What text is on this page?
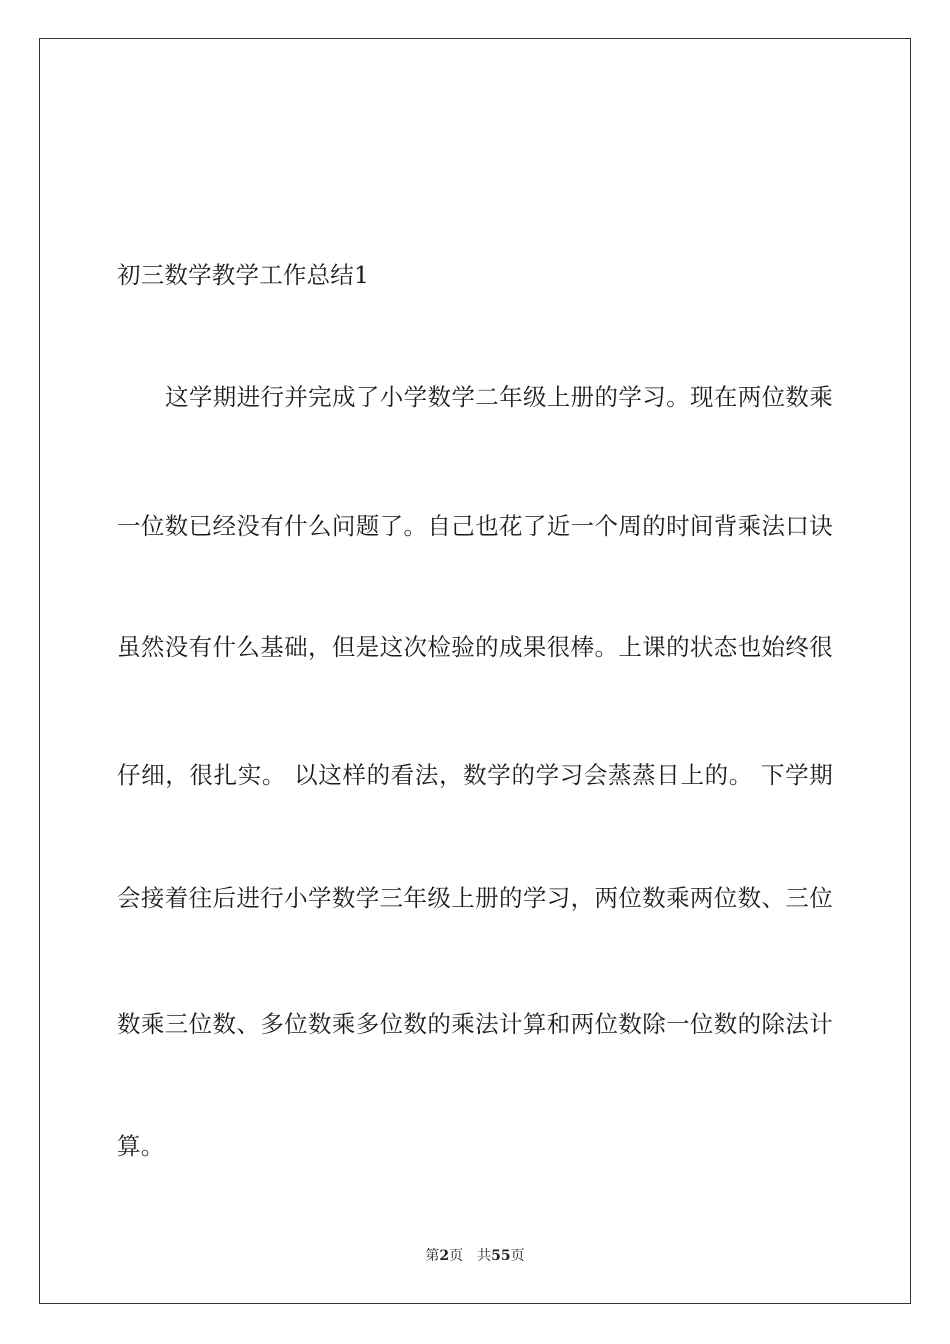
初三数学教学工作总结1
这学期进行并完成了小学数学二年级上册的学习。现在两位数乘
一位数已经没有什么问题了。自己也花了近一个周的时间背乘法口诀
虽然没有什么基础，但是这次检验的成果很棒。上课的状态也始终很
仔细，很扎实。 以这样的看法，数学的学习会蒸蒸日上的。 下学期
会接着往后进行小学数学三年级上册的学习，两位数乘两位数、三位
数乘三位数、多位数乘多位数的乘法计算和两位数除一位数的除法计
算。
第2页 共55页
